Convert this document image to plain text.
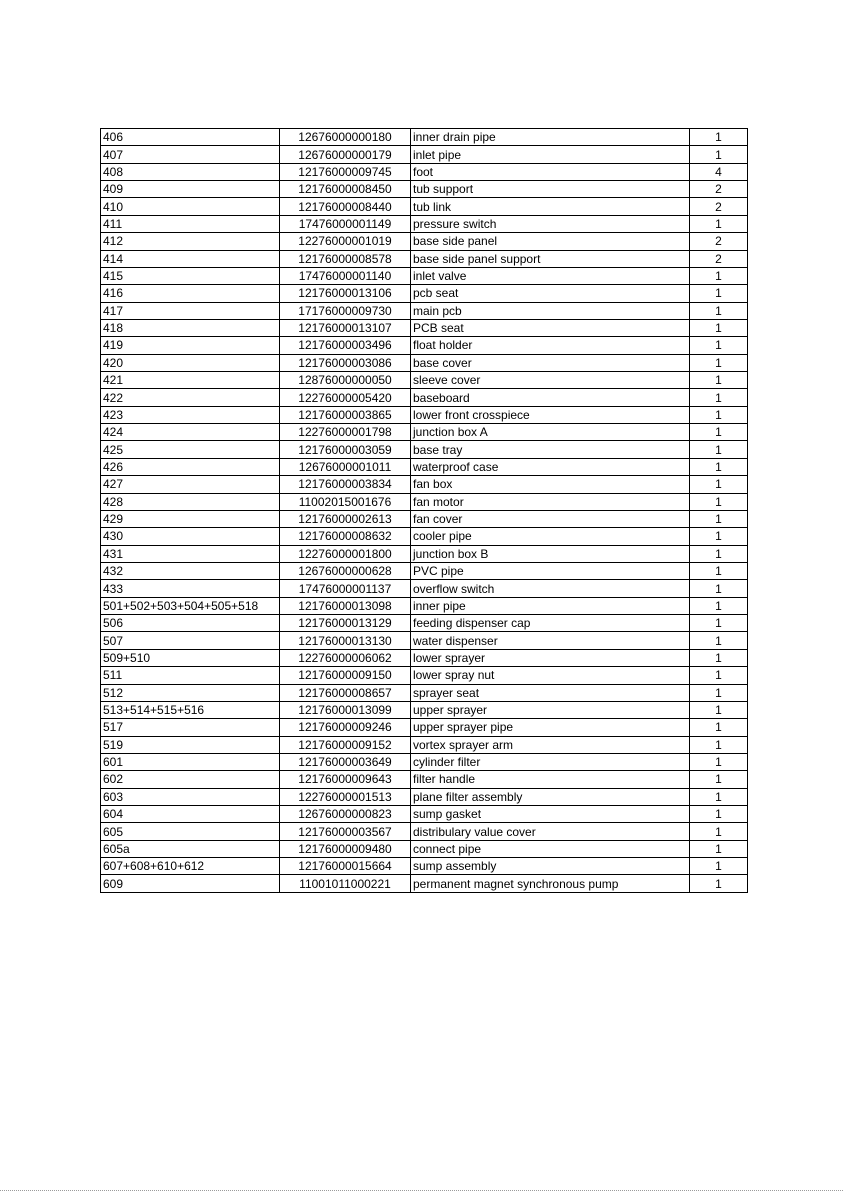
406	12676000000180	inner drain pipe	1
407	12676000000179	inlet pipe	1
408	12176000009745	foot	4
409	12176000008450	tub support	2
410	12176000008440	tub link	2
411	17476000001149	pressure switch	1
412	12276000001019	base side panel	2
414	12176000008578	base side panel support	2
415	17476000001140	inlet valve	1
416	12176000013106	pcb seat	1
417	17176000009730	main pcb	1
418	12176000013107	PCB seat	1
419	12176000003496	float holder	1
420	12176000003086	base cover	1
421	12876000000050	sleeve cover	1
422	12276000005420	baseboard	1
423	12176000003865	lower front crosspiece	1
424	12276000001798	junction box A	1
425	12176000003059	base tray	1
426	12676000001011	waterproof case	1
427	12176000003834	fan box	1
428	11002015001676	fan motor	1
429	12176000002613	fan cover	1
430	12176000008632	cooler pipe	1
431	12276000001800	junction box B	1
432	12676000000628	PVC pipe	1
433	17476000001137	overflow switch	1
501+502+503+504+505+518	12176000013098	inner pipe	1
506	12176000013129	feeding dispenser cap	1
507	12176000013130	water dispenser	1
509+510	12276000006062	lower sprayer	1
511	12176000009150	lower spray nut	1
512	12176000008657	sprayer seat	1
513+514+515+516	12176000013099	upper sprayer	1
517	12176000009246	upper sprayer pipe	1
519	12176000009152	vortex sprayer arm	1
601	12176000003649	cylinder filter	1
602	12176000009643	filter handle	1
603	12276000001513	plane filter assembly	1
604	12676000000823	sump gasket	1
605	12176000003567	distribulary value cover	1
605a	12176000009480	connect pipe	1
607+608+610+612	12176000015664	sump assembly	1
609	11001011000221	permanent magnet synchronous pump	1
